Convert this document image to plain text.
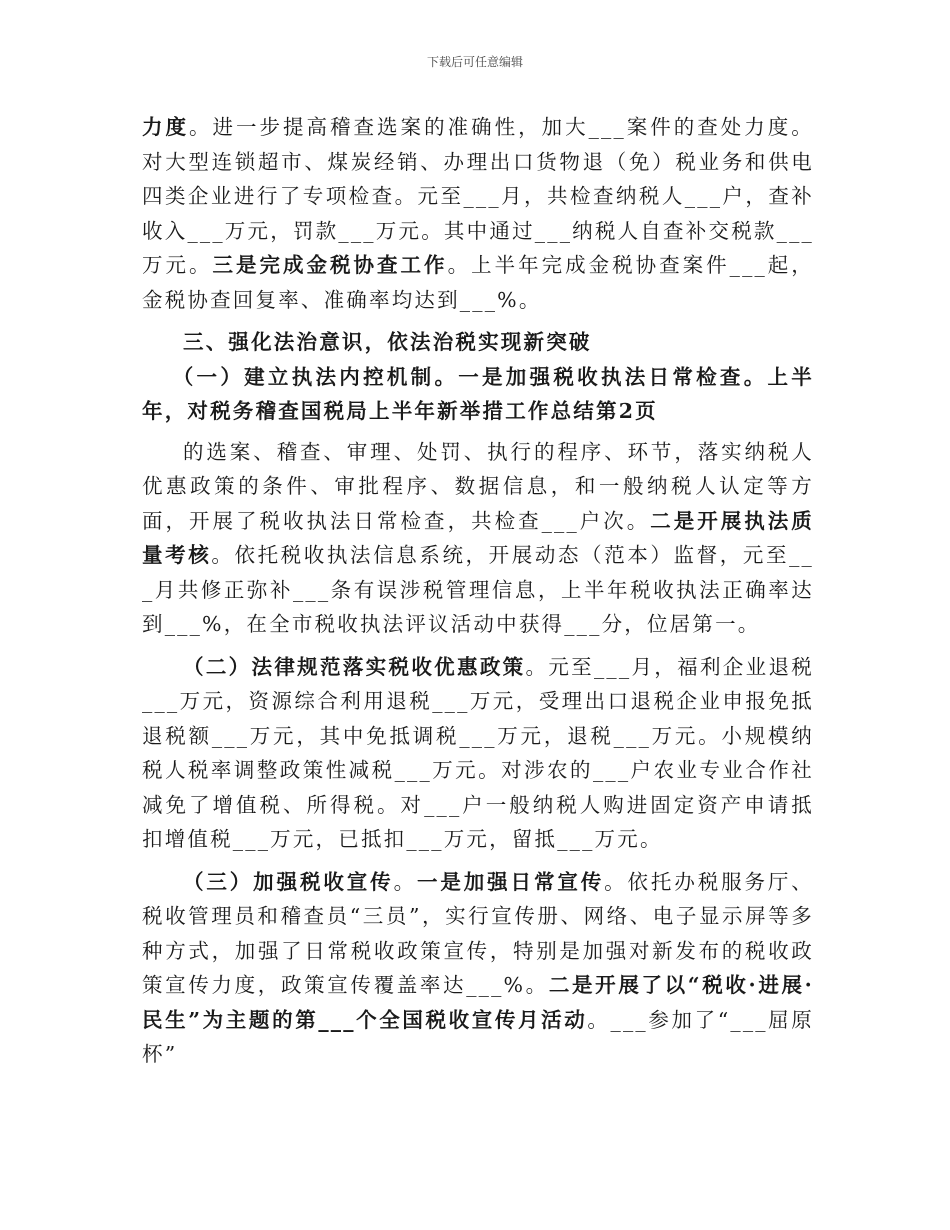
下载后可任意编辑

力度。进一步提高稽查选案的准确性，加大___案件的查处力度。对大型连锁超市、煤炭经销、办理出口货物退（免）税业务和供电四类企业进行了专项检查。元至___月，共检查纳税人___户，查补收入___万元，罚款___万元。其中通过___纳税人自查补交税款___万元。三是完成金税协查工作。上半年完成金税协查案件___起，金税协查回复率、准确率均达到___%。

三、强化法治意识，依法治税实现新突破

（一）建立执法内控机制。一是加强税收执法日常检查。上半年，对税务稽查国税局上半年新举措工作总结第2页

的选案、稽查、审理、处罚、执行的程序、环节，落实纳税人优惠政策的条件、审批程序、数据信息，和一般纳税人认定等方面，开展了税收执法日常检查，共检查___户次。二是开展执法质量考核。依托税收执法信息系统，开展动态（范本）监督，元至___月共修正弥补___条有误涉税管理信息，上半年税收执法正确率达到___%，在全市税收执法评议活动中获得___分，位居第一。

（二）法律规范落实税收优惠政策。元至___月，福利企业退税___万元，资源综合利用退税___万元，受理出口退税企业申报免抵退税额___万元，其中免抵调税___万元，退税___万元。小规模纳税人税率调整政策性减税___万元。对涉农的___户农业专业合作社减免了增值税、所得税。对___户一般纳税人购进固定资产申请抵扣增值税___万元，已抵扣___万元，留抵___万元。

（三）加强税收宣传。一是加强日常宣传。依托办税服务厅、税收管理员和稽查员“三员”，实行宣传册、网络、电子显示屏等多种方式，加强了日常税收政策宣传，特别是加强对新发布的税收政策宣传力度，政策宣传覆盖率达___%。二是开展了以“税收·进展·民生”为主题的第___个全国税收宣传月活动。___参加了“___屈原杯”
